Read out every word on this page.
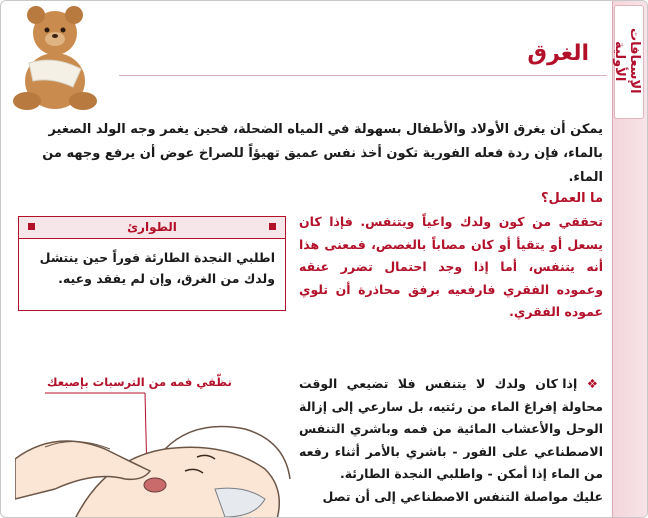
الإسعافات الأولية
الغرق
يمكن أن يغرق الأولاد والأطفال بسهولة في المياه الضحلة، فحين يغمر وجه الولد الصغير بالماء، فإن ردة فعله الفورية تكون أخذ نفس عميق تهيؤاً للصراخ عوض أن يرفع وجهه من الماء.
ما العمل؟
تحققي من كون ولدك واعياً ويتنفس. فإذا كان يسعل أو يتقيأ أو كان مصاباً بالغصص، فمعنى هذا أنه يتنفس، أما إذا وجد احتمال تضرر عنقه وعموده الفقري فارفعيه برفق محاذرة أن تلوي عموده الفقري.
الطوارئ
اطلبي النجدة الطارئة فوراً حين ينتشل ولدك من الغرق، وإن لم يفقد وعيه.
❖ إذا كان ولدك لا يتنفس فلا تضيعي الوقت محاولة إفراغ الماء من رئتيه، بل سارعي إلى إزالة الوحل والأعشاب المائية من فمه وباشري التنفس الاصطناعي على الفور - باشري بالأمر أثناء رفعه من الماء إذا أمكن - واطلبي النجدة الطارئة.
عليك مواصلة التنفس الاصطناعي إلى أن تصل
نظّفي فمه من الترسبات بإصبعك
